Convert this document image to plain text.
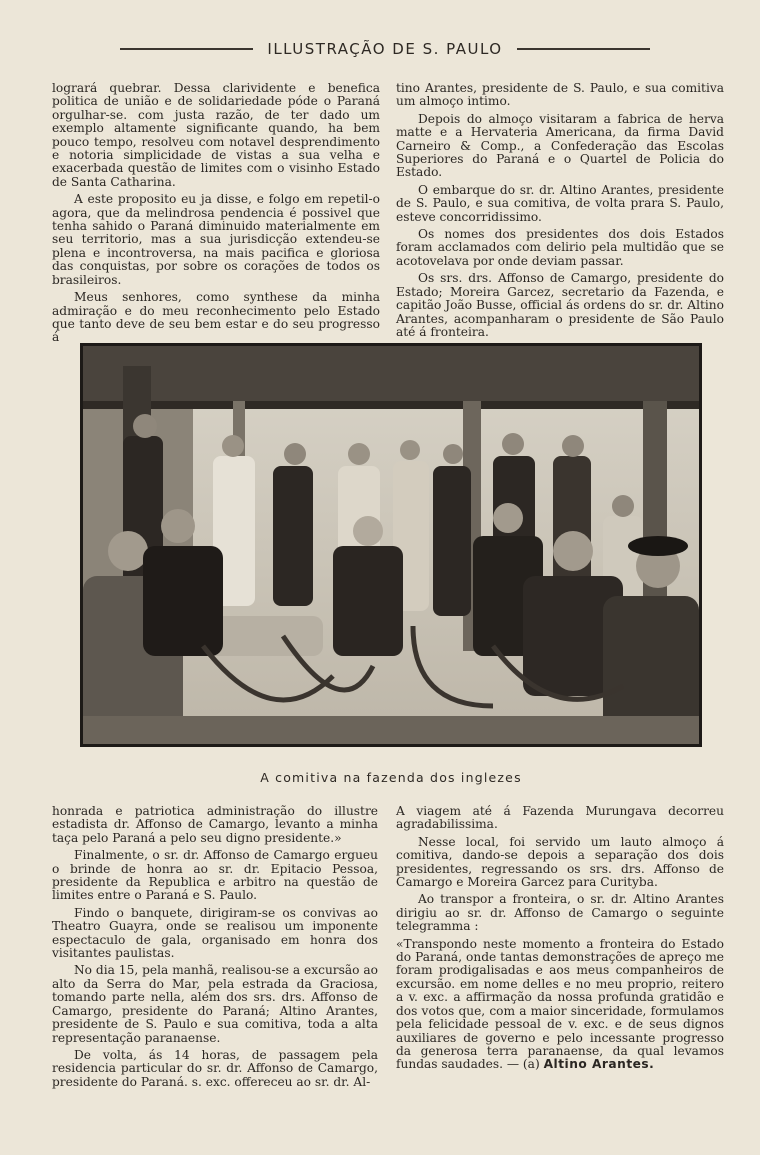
ILLUSTRAÇÃO DE S. PAULO

logrará quebrar. Dessa clarividente e benefica politica de união e de solidariedade póde o Paraná orgulhar-se. com justa razão, de ter dado um exemplo altamente significante quando, ha bem pouco tempo, resolveu com notavel desprendimento e notoria simplicidade de vistas a sua velha e exacerbada questão de limites com o visinho Estado de Santa Catharina.

A este proposito eu ja disse, e folgo em repetil-o agora, que da melindrosa pendencia é possivel que tenha sahido o Paraná diminuido materialmente em seu territorio, mas a sua jurisdicção extendeu-se plena e incontroversa, na mais pacifica e gloriosa das conquistas, por sobre os corações de todos os brasileiros.

Meus senhores, como synthese da minha admiração e do meu reconhecimento pelo Estado que tanto deve de seu bem estar e do seu progresso á

tino Arantes, presidente de S. Paulo, e sua comitiva um almoço intimo.

Depois do almoço visitaram a fabrica de herva matte e a Hervateria Americana, da firma David Carneiro & Comp., a Confederação das Escolas Superiores do Paraná e o Quartel de Policia do Estado.

O embarque do sr. dr. Altino Arantes, presidente de S. Paulo, e sua comitiva, de volta prara S. Paulo, esteve concorridissimo.

Os nomes dos presidentes dos dois Estados foram acclamados com delirio pela multidão que se acotovelava por onde deviam passar.

Os srs. drs. Affonso de Camargo, presidente do Estado; Moreira Garcez, secretario da Fazenda, e capitão João Busse, official ás ordens do sr. dr. Altino Arantes, acompanharam o presidente de São Paulo até á fronteira.

A comitiva na fazenda dos inglezes

honrada e patriotica administração do illustre estadista dr. Affonso de Camargo, levanto a minha taça pelo Paraná a pelo seu digno presidente.»

Finalmente, o sr. dr. Affonso de Camargo ergueu o brinde de honra ao sr. dr. Epitacio Pessoa, presidente da Republica e arbitro na questão de limites entre o Paraná e S. Paulo.

Findo o banquete, dirigiram-se os convivas ao Theatro Guayra, onde se realisou um imponente espectaculo de gala, organisado em honra dos visitantes paulistas.

No dia 15, pela manhã, realisou-se a excursão ao alto da Serra do Mar, pela estrada da Graciosa, tomando parte nella, além dos srs. drs. Affonso de Camargo, presidente do Paraná; Altino Arantes, presidente de S. Paulo e sua comitiva, toda a alta representação paranaense.

De volta, ás 14 horas, de passagem pela residencia particular do sr. dr. Affonso de Camargo, presidente do Paraná. s. exc. offereceu ao sr. dr. Al-

A viagem até á Fazenda Murungava decorreu agradabilissima.

Nesse local, foi servido um lauto almoço á comitiva, dando-se depois a separação dos dois presidentes, regressando os srs. drs. Affonso de Camargo e Moreira Garcez para Curityba.

Ao transpor a fronteira, o sr. dr. Altino Arantes dirigiu ao sr. dr. Affonso de Camargo o seguinte telegramma :

«Transpondo neste momento a fronteira do Estado do Paraná, onde tantas demonstrações de apreço me foram prodigalisadas e aos meus companheiros de excursão. em nome delles e no meu proprio, reitero a v. exc. a affirmação da nossa profunda gratidão e dos votos que, com a maior sinceridade, formulamos pela felicidade pessoal de v. exc. e de seus dignos auxiliares de governo e pelo incessante progresso da generosa terra paranaense, da qual levamos fundas saudades. — (a) Altino Arantes.
